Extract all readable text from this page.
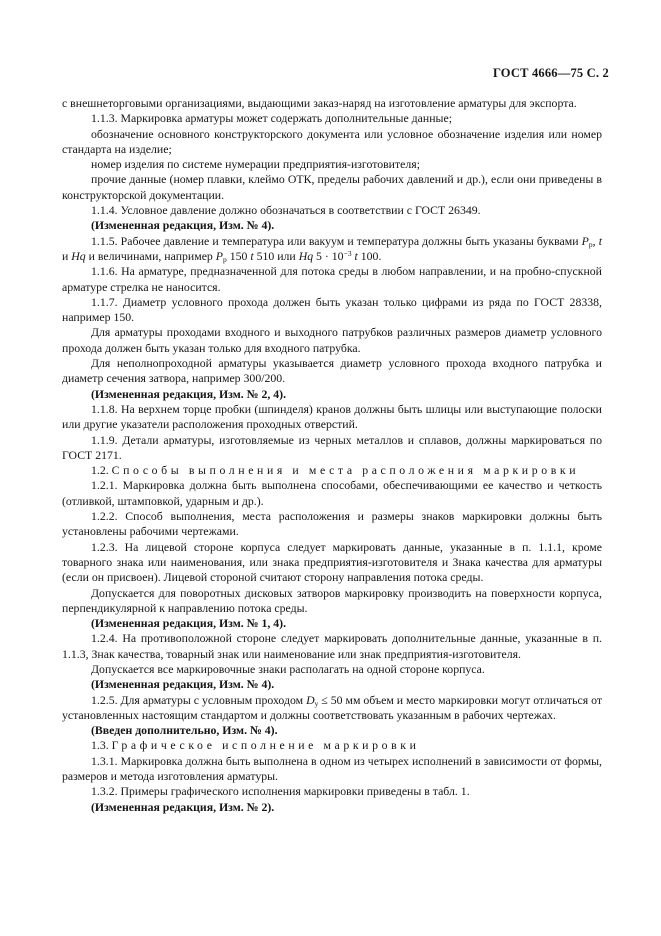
ГОСТ 4666—75 С. 2

с внешнеторговыми организациями, выдающими заказ-наряд на изготовление арматуры для экспорта.

1.1.3. Маркировка арматуры может содержать дополнительные данные;

обозначение основного конструкторского документа или условное обозначение изделия или номер стандарта на изделие;

номер изделия по системе нумерации предприятия-изготовителя;

прочие данные (номер плавки, клеймо ОТК, пределы рабочих давлений и др.), если они приведены в конструкторской документации.

1.1.4. Условное давление должно обозначаться в соответствии с ГОСТ 26349.

(Измененная редакция, Изм. № 4).

1.1.5. Рабочее давление и температура или вакуум и температура должны быть указаны буквами $P_р$, t и Hq и величинами, например $P_р$ 150 t 510 или Hq $5 \cdot 10^{-3}$ t 100.

1.1.6. На арматуре, предназначенной для потока среды в любом направлении, и на пробно-спускной арматуре стрелка не наносится.

1.1.7. Диаметр условного прохода должен быть указан только цифрами из ряда по ГОСТ 28338, например 150.

Для арматуры проходами входного и выходного патрубков различных размеров диаметр условного прохода должен быть указан только для входного патрубка.

Для неполнопроходной арматуры указывается диаметр условного прохода входного патрубка и диаметр сечения затвора, например 300/200.

(Измененная редакция, Изм. № 2, 4).

1.1.8. На верхнем торце пробки (шпинделя) кранов должны быть шлицы или выступающие полоски или другие указатели расположения проходных отверстий.

1.1.9. Детали арматуры, изготовляемые из черных металлов и сплавов, должны маркироваться по ГОСТ 2171.

1.2. Способы выполнения и места расположения маркировки

1.2.1. Маркировка должна быть выполнена способами, обеспечивающими ее качество и четкость (отливкой, штамповкой, ударным и др.).

1.2.2. Способ выполнения, места расположения и размеры знаков маркировки должны быть установлены рабочими чертежами.

1.2.3. На лицевой стороне корпуса следует маркировать данные, указанные в п. 1.1.1, кроме товарного знака или наименования, или знака предприятия-изготовителя и Знака качества для арматуры (если он присвоен). Лицевой стороной считают сторону направления потока среды.

Допускается для поворотных дисковых затворов маркировку производить на поверхности корпуса, перпендикулярной к направлению потока среды.

(Измененная редакция, Изм. № 1, 4).

1.2.4. На противоположной стороне следует маркировать дополнительные данные, указанные в п. 1.1.3, Знак качества, товарный знак или наименование или знак предприятия-изготовителя.

Допускается все маркировочные знаки располагать на одной стороне корпуса.

(Измененная редакция, Изм. № 4).

1.2.5. Для арматуры с условным проходом $D_у \le 50$ мм объем и место маркировки могут отличаться от установленных настоящим стандартом и должны соответствовать указанным в рабочих чертежах.

(Введен дополнительно, Изм. № 4).

1.3. Графическое исполнение маркировки

1.3.1. Маркировка должна быть выполнена в одном из четырех исполнений в зависимости от формы, размеров и метода изготовления арматуры.

1.3.2. Примеры графического исполнения маркировки приведены в табл. 1.

(Измененная редакция, Изм. № 2).
